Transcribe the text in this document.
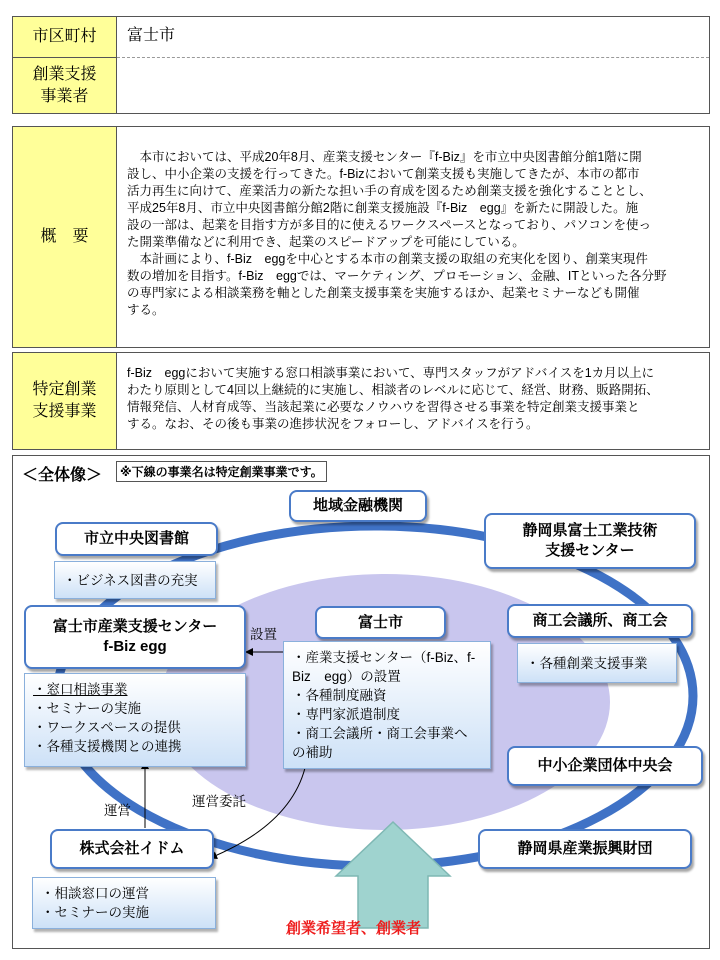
市区町村
創業支援
事業者
富士市
概　要
　本市においては、平成20年8月、産業支援センター『f-Biz』を市立中央図書館分館1階に開
設し、中小企業の支援を行ってきた。f-Bizにおいて創業支援も実施してきたが、本市の都市
活力再生に向けて、産業活力の新たな担い手の育成を図るため創業支援を強化することとし、
平成25年8月、市立中央図書館分館2階に創業支援施設『f-Biz　egg』を新たに開設した。施
設の一部は、起業を目指す方が多目的に使えるワークスペースとなっており、パソコンを使っ
た開業準備などに利用でき、起業のスピードアップを可能にしている。
　本計画により、f-Biz　eggを中心とする本市の創業支援の取組の充実化を図り、創業実現件
数の増加を目指す。f-Biz　eggでは、マーケティング、プロモーション、金融、ITといった各分野
の専門家による相談業務を軸とした創業支援事業を実施するほか、起業セミナーなども開催
する。
特定創業
支援事業
f-Biz　eggにおいて実施する窓口相談事業において、専門スタッフがアドバイスを1カ月以上に
わたり原則として4回以上継続的に実施し、相談者のレベルに応じて、経営、財務、販路開拓、
情報発信、人材育成等、当該起業に必要なノウハウを習得させる事業を特定創業支援事業と
する。なお、その後も事業の進捗状況をフォローし、アドバイスを行う。
＜全体像＞	※下線の事業名は特定創業事業です。
地域金融機関
静岡県富士工業技術
支援センター
市立中央図書館
・ビジネス図書の充実
商工会議所、商工会
・各種創業支援事業
富士市産業支援センター
f-Biz egg
設置
富士市
・窓口相談事業
・セミナーの実施
・ワークスペースの提供
・各種支援機関との連携
・産業支援センター（f-Biz、f-
Biz　egg）の設置
・各種制度融資
・専門家派遣制度
・商工会議所・商工会事業へ
の補助
中小企業団体中央会
運営
運営委託
株式会社イドム
・相談窓口の運営
・セミナーの実施
静岡県産業振興財団
創業希望者、創業者
